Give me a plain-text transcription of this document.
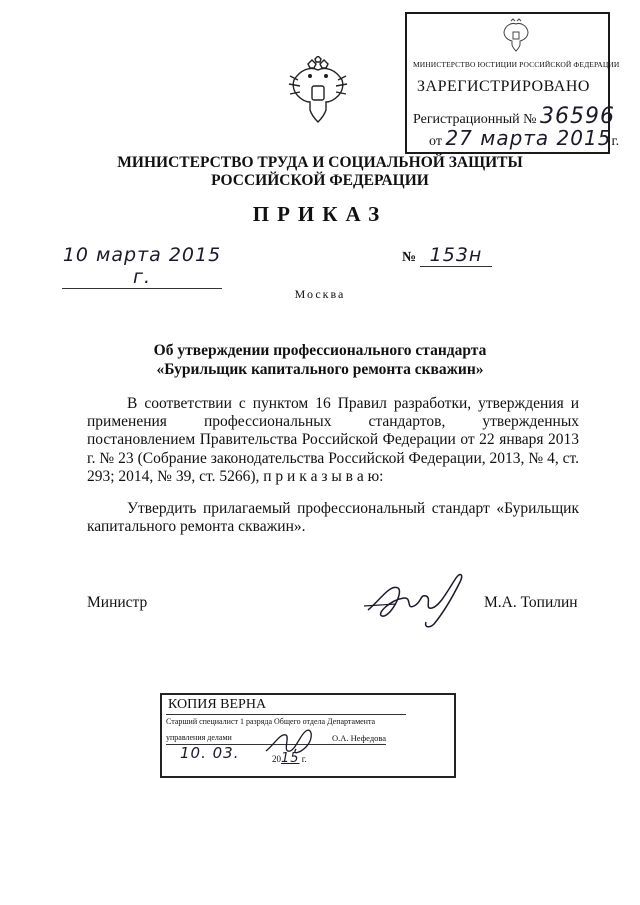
МИНИСТЕРСТВО ЮСТИЦИИ РОССИЙСКОЙ ФЕДЕРАЦИИ
ЗАРЕГИСТРИРОВАНО
Регистрационный № 36596
от 27 марта 2015г.
МИНИСТЕРСТВО ТРУДА И СОЦИАЛЬНОЙ ЗАЩИТЫ
РОССИЙСКОЙ ФЕДЕРАЦИИ
ПРИКАЗ
10 марта 2015 г.
№ 153н
Москва
Об утверждении профессионального стандарта
«Бурильщик капитального ремонта скважин»
В соответствии с пунктом 16 Правил разработки, утверждения и применения профессиональных стандартов, утвержденных постановлением Правительства Российской Федерации от 22 января 2013 г. № 23 (Собрание законодательства Российской Федерации, 2013, № 4, ст. 293; 2014, № 39, ст. 5266), п р и к а з ы в а ю:
Утвердить прилагаемый профессиональный стандарт «Бурильщик капитального ремонта скважин».
Министр	М.А. Топилин
КОПИЯ ВЕРНА
Старший специалист 1 разряда Общего отдела Департамента
управления делами	О.А. Нефедова
10. 03.	2015 г.
